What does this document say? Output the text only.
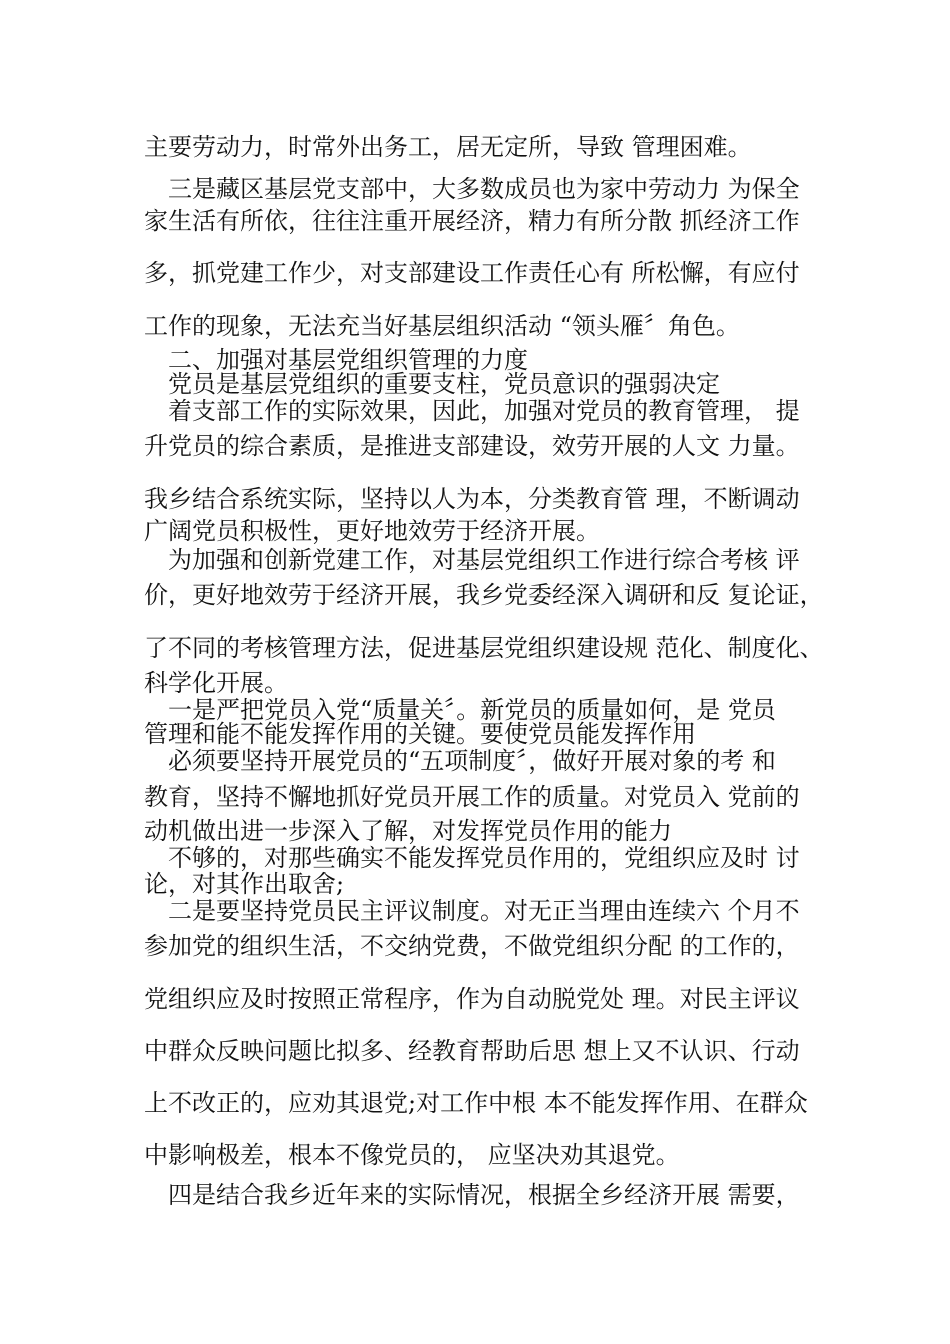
主要劳动力，时常外出务工，居无定所，导致 管理困难。
三是藏区基层党支部中，大多数成员也为家中劳动力 为保全
家生活有所依，往往注重开展经济，精力有所分散 抓经济工作
多，抓党建工作少，对支部建设工作责任心有 所松懈，有应付
工作的现象，无法充当好基层组织活动 “领头雁〞角色。
二、加强对基层党组织管理的力度
党员是基层党组织的重要支柱，党员意识的强弱决定
着支部工作的实际效果，因此，加强对党员的教育管理， 提
升党员的综合素质，是推进支部建设，效劳开展的人文 力量。
我乡结合系统实际，坚持以人为本，分类教育管 理，不断调动
广阔党员积极性，更好地效劳于经济开展。
为加强和创新党建工作，对基层党组织工作进行综合考核 评
价，更好地效劳于经济开展，我乡党委经深入调研和反 复论证，
了不同的考核管理方法，促进基层党组织建设规 范化、制度化、
科学化开展。
一是严把党员入党“质量关〞。新党员的质量如何，是 党员
管理和能不能发挥作用的关键。要使党员能发挥作用
必须要坚持开展党员的“五项制度〞，做好开展对象的考 和
教育，坚持不懈地抓好党员开展工作的质量。对党员入 党前的
动机做出进一步深入了解，对发挥党员作用的能力
不够的，对那些确实不能发挥党员作用的，党组织应及时 讨
论，对其作出取舍;
二是要坚持党员民主评议制度。对无正当理由连续六 个月不
参加党的组织生活，不交纳党费，不做党组织分配 的工作的，
党组织应及时按照正常程序，作为自动脱党处 理。对民主评议
中群众反映问题比拟多、经教育帮助后思 想上又不认识、行动
上不改正的，应劝其退党;对工作中根 本不能发挥作用、在群众
中影响极差，根本不像党员的， 应坚决劝其退党。
四是结合我乡近年来的实际情况，根据全乡经济开展 需要，
